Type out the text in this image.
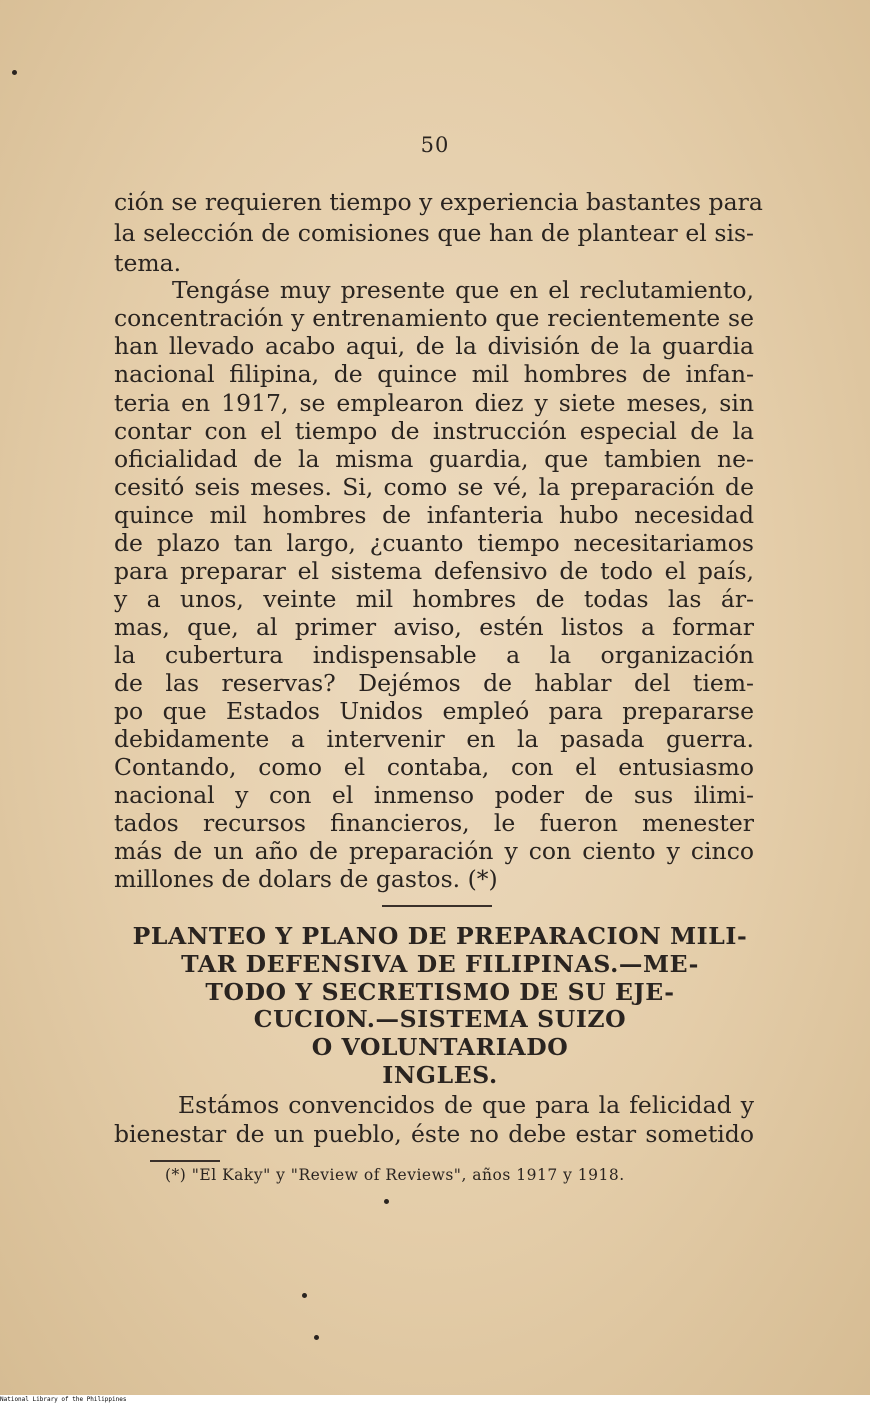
50
ción se requieren tiempo y experiencia bastantes para
la selección de comisiones que han de plantear el sis-
tema.
Tengáse muy presente que en el reclutamiento,
concentración y entrenamiento que recientemente se
han llevado acabo aqui, de la división de la guardia
nacional filipina, de quince mil hombres de infan-
teria en 1917, se emplearon diez y siete meses, sin
contar con el tiempo de instrucción especial de la
oficialidad de la misma guardia, que tambien ne-
cesitó seis meses. Si, como se vé, la preparación de
quince mil hombres de infanteria hubo necesidad
de plazo tan largo, ¿cuanto tiempo necesitariamos
para preparar el sistema defensivo de todo el país,
y a unos, veinte mil hombres de todas las ár-
mas, que, al primer aviso, estén listos a formar
la cubertura indispensable a la organización
de las reservas? Dejémos de hablar del tiem-
po que Estados Unidos empleó para prepararse
debidamente a intervenir en la pasada guerra.
Contando, como el contaba, con el entusiasmo
nacional y con el inmenso poder de sus ilimi-
tados recursos financieros, le fueron menester
más de un año de preparación y con ciento y cinco
millones de dolars de gastos. (*)
PLANTEO Y PLANO DE PREPARACION MILI-
TAR DEFENSIVA DE FILIPINAS.—ME-
TODO Y SECRETISMO DE SU EJE-
CUCION.—SISTEMA SUIZO
O VOLUNTARIADO
INGLES.
Estámos convencidos de que para la felicidad y
bienestar de un pueblo, éste no debe estar sometido
(*) "El Kaky" y "Review of Reviews", años 1917 y 1918.
National Library of the Philippines
